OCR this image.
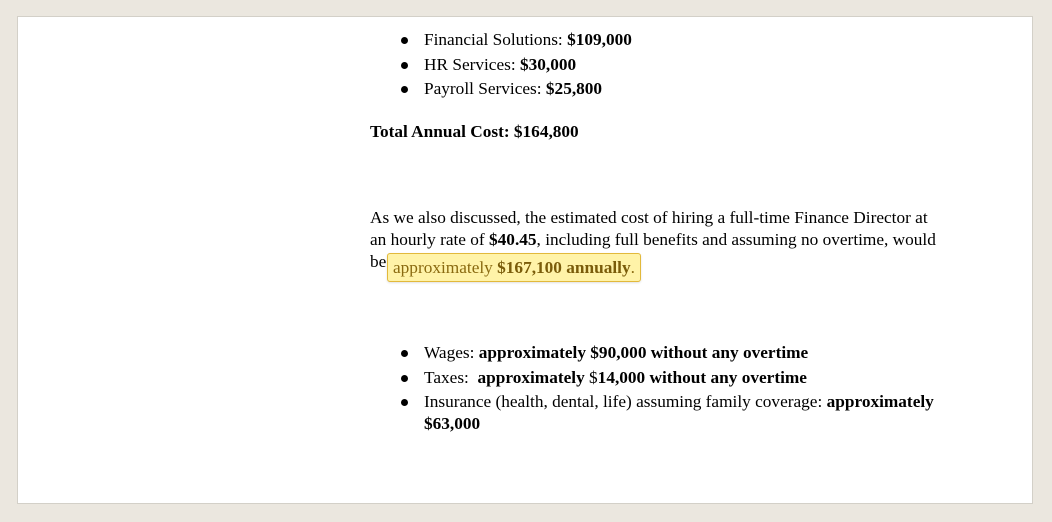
Financial Solutions: $109,000
HR Services: $30,000
Payroll Services: $25,800
Total Annual Cost: $164,800
As we also discussed, the estimated cost of hiring a full-time Finance Director at
an hourly rate of $40.45, including full benefits and assuming no overtime, would
be approximately $167,100 annually.
Wages: approximately $90,000 without any overtime
Taxes:  approximately $14,000 without any overtime
Insurance (health, dental, life) assuming family coverage: approximately
$63,000
